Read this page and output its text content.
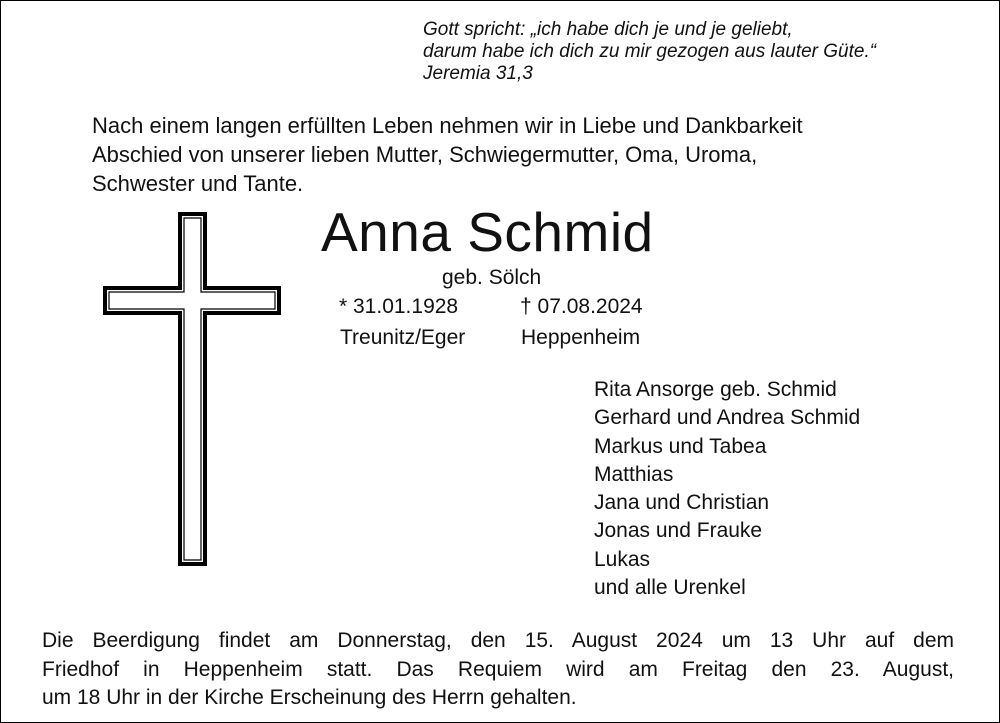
Gott spricht: „ich habe dich je und je geliebt,
darum habe ich dich zu mir gezogen aus lauter Güte.“
Jeremia 31,3
Nach einem langen erfüllten Leben nehmen wir in Liebe und Dankbarkeit
Abschied von unserer lieben Mutter, Schwiegermutter, Oma, Uroma,
Schwester und Tante.
Anna Schmid
geb. Sölch
* 31.01.1928	† 07.08.2024
Treunitz/Eger	Heppenheim
Rita Ansorge geb. Schmid
Gerhard und Andrea Schmid
Markus und Tabea
Matthias
Jana und Christian
Jonas und Frauke
Lukas
und alle Urenkel
Die Beerdigung findet am Donnerstag, den 15. August 2024 um 13 Uhr auf dem
Friedhof in Heppenheim statt. Das Requiem wird am Freitag den 23. August,
um 18 Uhr in der Kirche Erscheinung des Herrn gehalten.
